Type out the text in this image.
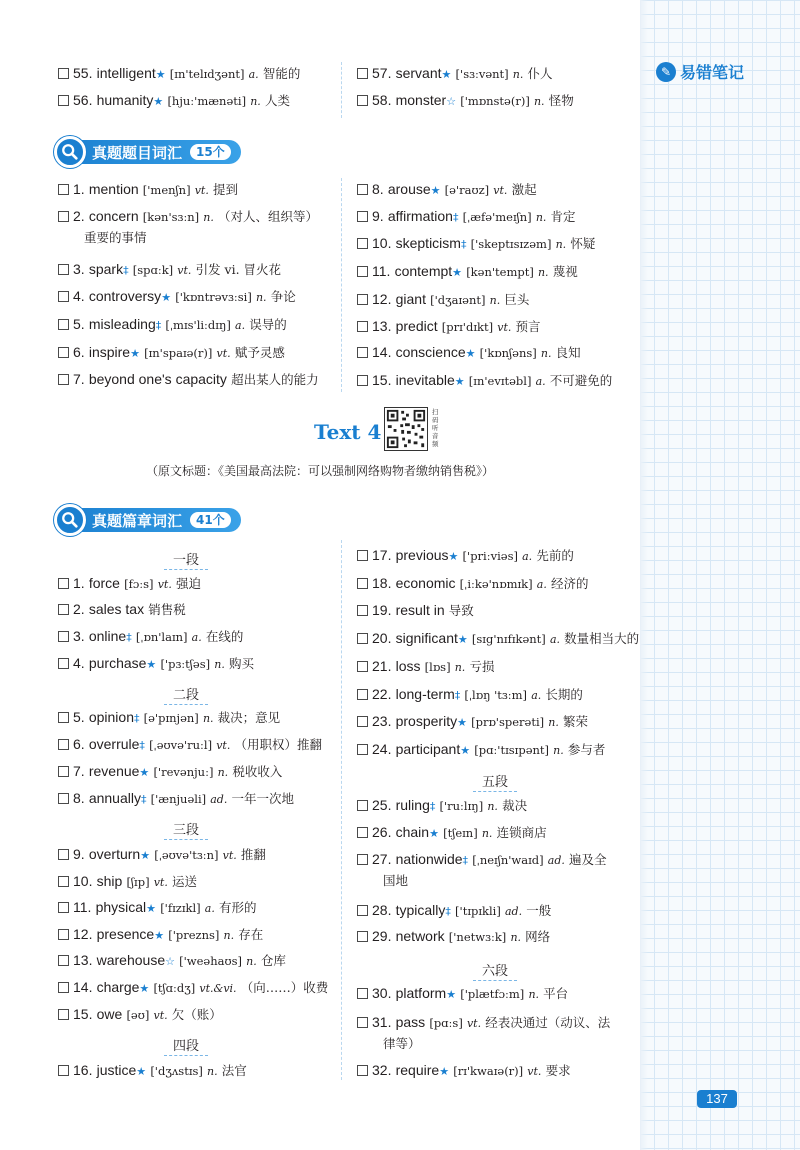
✎ 易错笔记
55. intelligent★ [ɪn'telɪdʒənt] a. 智能的
56. humanity★ [hjuː'mænəti] n. 人类
57. servant★ ['sɜːvənt] n. 仆人
58. monster☆ ['mɒnstə(r)] n. 怪物
真题题目词汇	15个
1. mention ['menʃn] vt. 提到
2. concern [kən'sɜːn] n. （对人、组织等）
重要的事情
3. spark‡ [spɑːk] vt. 引发 vi. 冒火花
4. controversy★ ['kɒntrəvɜːsi] n. 争论
5. misleading‡ [ˌmɪs'liːdɪŋ] a. 误导的
6. inspire★ [ɪn'spaɪə(r)] vt. 赋予灵感
7. beyond one's capacity 超出某人的能力
8. arouse★ [ə'raʊz] vt. 激起
9. affirmation‡ [ˌæfə'meɪʃn] n. 肯定
10. skepticism‡ ['skeptɪsɪzəm] n. 怀疑
11. contempt★ [kən'tempt] n. 蔑视
12. giant ['dʒaɪənt] n. 巨头
13. predict [prɪ'dɪkt] vt. 预言
14. conscience★ ['kɒnʃəns] n. 良知
15. inevitable★ [ɪn'evɪtəbl] a. 不可避免的
Text 4
扫码听音频
（原文标题：《美国最高法院：可以强制网络购物者缴纳销售税》）
真题篇章词汇	41个
一段
二段
三段
四段
五段
六段
1. force [fɔːs] vt. 强迫
2. sales tax 销售税
3. online‡ [ˌɒn'laɪn] a. 在线的
4. purchase★ ['pɜːtʃəs] n. 购买
5. opinion‡ [ə'pɪnjən] n. 裁决；意见
6. overrule‡ [ˌəʊvə'ruːl] vt. （用职权）推翻
7. revenue★ ['revənjuː] n. 税收收入
8. annually‡ ['ænjuəli] ad. 一年一次地
9. overturn★ [ˌəʊvə'tɜːn] vt. 推翻
10. ship [ʃɪp] vt. 运送
11. physical★ ['fɪzɪkl] a. 有形的
12. presence★ ['prezns] n. 存在
13. warehouse☆ ['weəhaʊs] n. 仓库
14. charge★ [tʃɑːdʒ] vt.&vi. （向……）收费
15. owe [əʊ] vt. 欠（账）
16. justice★ ['dʒʌstɪs] n. 法官
17. previous★ ['priːviəs] a. 先前的
18. economic [ˌiːkə'nɒmɪk] a. 经济的
19. result in 导致
20. significant★ [sɪg'nɪfɪkənt] a. 数量相当大的
21. loss [lɒs] n. 亏损
22. long-term‡ [ˌlɒŋ 'tɜːm] a. 长期的
23. prosperity★ [prɒ'sperəti] n. 繁荣
24. participant★ [pɑː'tɪsɪpənt] n. 参与者
25. ruling‡ ['ruːlɪŋ] n. 裁决
26. chain★ [tʃeɪn] n. 连锁商店
27. nationwide‡ [ˌneɪʃn'waɪd] ad. 遍及全
国地
28. typically‡ ['tɪpɪkli] ad. 一般
29. network ['netwɜːk] n. 网络
30. platform★ ['plætfɔːm] n. 平台
31. pass [pɑːs] vt. 经表决通过（动议、法
律等）
32. require★ [rɪ'kwaɪə(r)] vt. 要求
137
